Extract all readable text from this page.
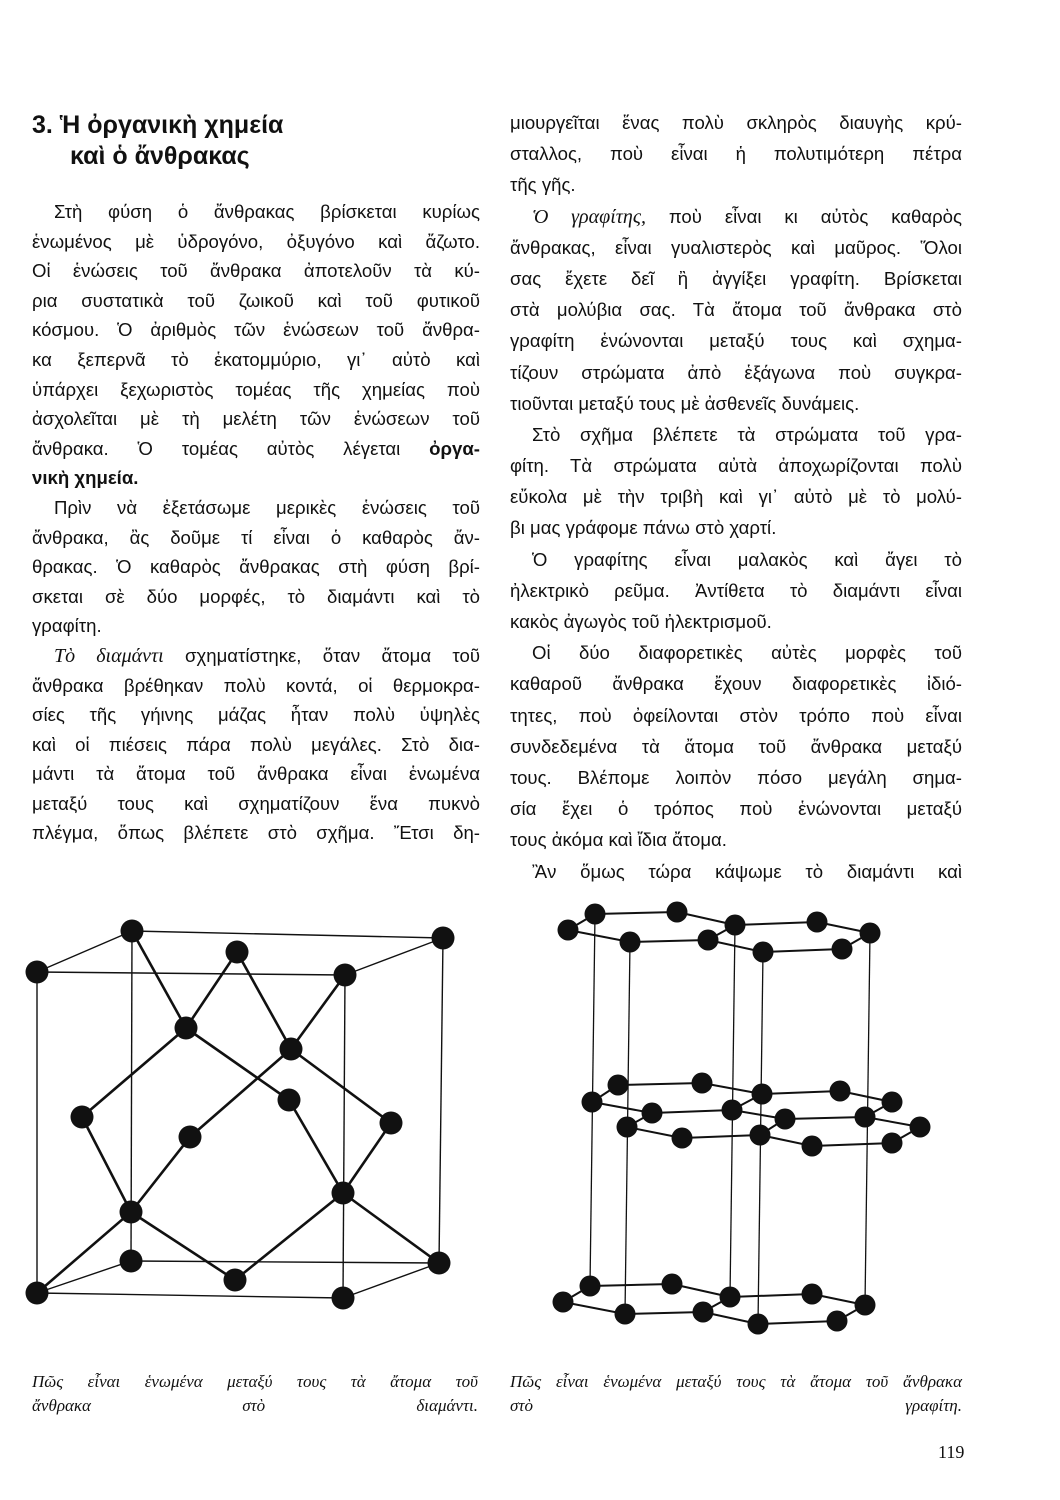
3. Ἡ ὀργανικὴ χημεία
καὶ ὁ ἄνθρακας
Στὴ φύση ὁ ἄνθρακας βρίσκεται κυρίως
ἑνωμένος μὲ ὑδρογόνο, ὀξυγόνο καὶ ἄζωτο.
Οἱ ἑνώσεις τοῦ ἄνθρακα ἀποτελοῦν τὰ κύ-
ρια συστατικὰ τοῦ ζωικοῦ καὶ τοῦ φυτικοῦ
κόσμου. Ὁ ἀριθμὸς τῶν ἑνώσεων τοῦ ἄνθρα-
κα ξεπερνᾶ τὸ ἑκατομμύριο, γι᾿ αὐτὸ καὶ
ὑπάρχει ξεχωριστὸς τομέας τῆς χημείας ποὺ
ἀσχολεῖται μὲ τὴ μελέτη τῶν ἑνώσεων τοῦ
ἄνθρακα. Ὁ τομέας αὐτὸς λέγεται ὀργα-
νικὴ χημεία.
Πρὶν νὰ ἐξετάσωμε μερικὲς ἑνώσεις τοῦ
ἄνθρακα, ἂς δοῦμε τί εἶναι ὁ καθαρὸς ἄν-
θρακας. Ὁ καθαρὸς ἄνθρακας στὴ φύση βρί-
σκεται σὲ δύο μορφές, τὸ διαμάντι καὶ τὸ
γραφίτη.
Τὸ διαμάντι σχηματίστηκε, ὅταν ἄτομα τοῦ
ἄνθρακα βρέθηκαν πολὺ κοντά, οἱ θερμοκρα-
σίες τῆς γήινης μάζας ἦταν πολὺ ὑψηλὲς
καὶ οἱ πιέσεις πάρα πολὺ μεγάλες. Στὸ δια-
μάντι τὰ ἄτομα τοῦ ἄνθρακα εἶναι ἑνωμένα
μεταξύ τους καὶ σχηματίζουν ἕνα πυκνὸ
πλέγμα, ὅπως βλέπετε στὸ σχῆμα. Ἔτσι δη-
μιουργεῖται ἕνας πολὺ σκληρὸς διαυγὴς κρύ-
σταλλος, ποὺ εἶναι ἡ πολυτιμότερη πέτρα
τῆς γῆς.
Ὁ γραφίτης, ποὺ εἶναι κι αὐτὸς καθαρὸς
ἄνθρακας, εἶναι γυαλιστερὸς καὶ μαῦρος. Ὅλοι
σας ἔχετε δεῖ ἢ ἀγγίξει γραφίτη. Βρίσκεται
στὰ μολύβια σας. Τὰ ἄτομα τοῦ ἄνθρακα στὸ
γραφίτη ἑνώνονται μεταξύ τους καὶ σχημα-
τίζουν στρώματα ἀπὸ ἑξάγωνα ποὺ συγκρα-
τιοῦνται μεταξύ τους μὲ ἀσθενεῖς δυνάμεις.
Στὸ σχῆμα βλέπετε τὰ στρώματα τοῦ γρα-
φίτη. Τὰ στρώματα αὐτὰ ἀποχωρίζονται πολὺ
εὔκολα μὲ τὴν τριβὴ καὶ γι᾿ αὐτὸ μὲ τὸ μολύ-
βι μας γράφομε πάνω στὸ χαρτί.
Ὁ γραφίτης εἶναι μαλακὸς καὶ ἄγει τὸ
ἠλεκτρικὸ ρεῦμα. Ἀντίθετα τὸ διαμάντι εἶναι
κακὸς ἀγωγὸς τοῦ ἠλεκτρισμοῦ.
Οἱ δύο διαφορετικὲς αὐτὲς μορφὲς τοῦ
καθαροῦ ἄνθρακα ἔχουν διαφορετικὲς ἰδιό-
τητες, ποὺ ὀφείλονται στὸν τρόπο ποὺ εἶναι
συνδεδεμένα τὰ ἄτομα τοῦ ἄνθρακα μεταξύ
τους. Βλέπομε λοιπὸν πόσο μεγάλη σημα-
σία ἔχει ὁ τρόπος ποὺ ἑνώνονται μεταξύ
τους ἀκόμα καὶ ἴδια ἄτομα.
Ἂν ὅμως τώρα κάψωμε τὸ διαμάντι καὶ
Πῶς εἶναι ἑνωμένα μεταξύ τους τὰ ἄτομα τοῦ
ἄνθρακα στὸ διαμάντι.
Πῶς εἶναι ἑνωμένα μεταξύ τους τὰ ἄτομα τοῦ ἄνθρακα
στὸ γραφίτη.
119
